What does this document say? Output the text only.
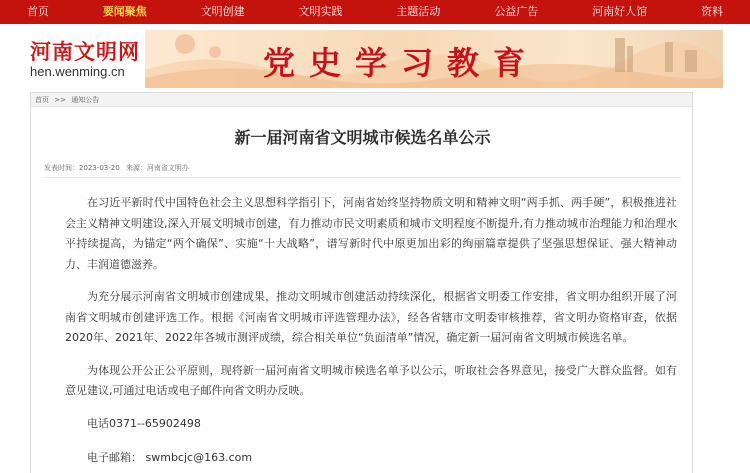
首页	要闻聚焦	文明创建	文明实践	主题活动	公益广告	河南好人馆	资料
河南文明网
hen.wenming.cn	党史学习教育
首页 >> 通知公告
新一届河南省文明城市候选名单公示
发表时间：2023-03-20 来源：河南省文明办

在习近平新时代中国特色社会主义思想科学指引下，河南省始终坚持物质文明和精神文明“两手抓、两手硬”，积极推进社会主义精神文明建设,深入开展文明城市创建，有力推动市民文明素质和城市文明程度不断提升,有力推动城市治理能力和治理水平持续提高，为锚定“两个确保”、实施“十大战略”，谱写新时代中原更加出彩的绚丽篇章提供了坚强思想保证、强大精神动力、丰润道德滋养。

为充分展示河南省文明城市创建成果，推动文明城市创建活动持续深化，根据省文明委工作安排，省文明办组织开展了河南省文明城市创建评选工作。根据《河南省文明城市评选管理办法》，经各省辖市文明委审核推荐，省文明办资格审查，依据2020年、2021年、2022年各城市测评成绩，综合相关单位“负面清单”情况，确定新一届河南省文明城市候选名单。

为体现公开公正公平原则，现将新一届河南省文明城市候选名单予以公示，听取社会各界意见，接受广大群众监督。如有意见建议,可通过电话或电子邮件向省文明办反映。

电话0371--65902498

电子邮箱： swmbcjc@163.com
